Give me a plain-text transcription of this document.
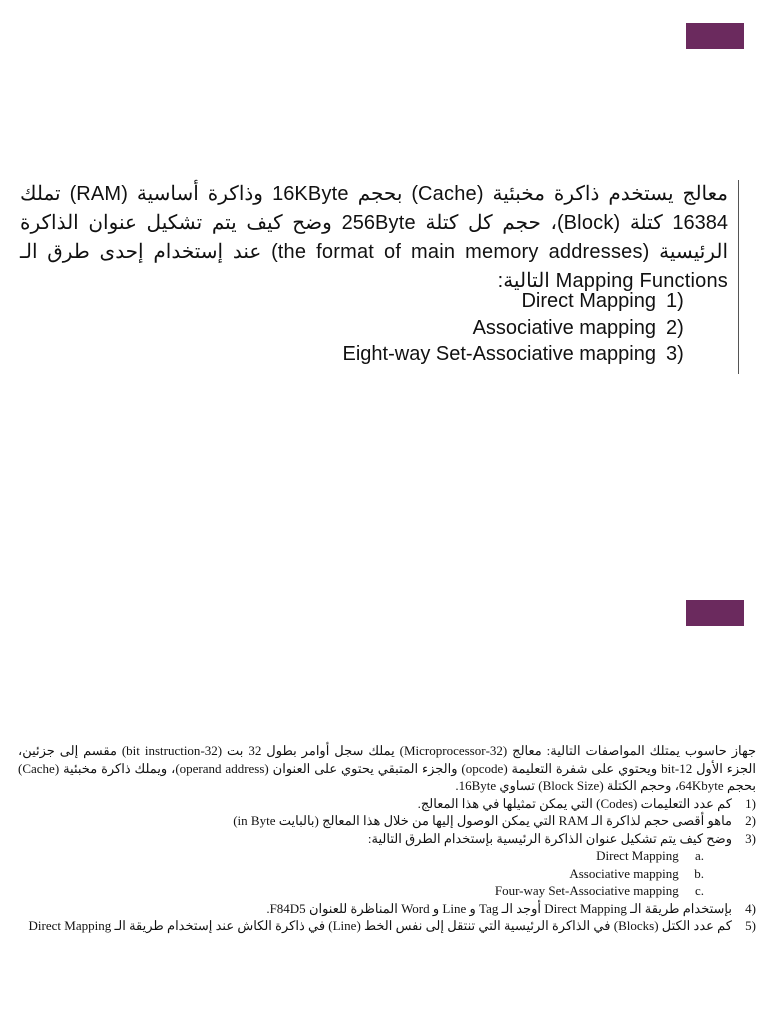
معالج يستخدم ذاكرة مخبئية (Cache) بحجم 16KByte وذاكرة أساسية (RAM) تملك 16384 كتلة (Block)، حجم كل كتلة 256Byte وضح كيف يتم تشكيل عنوان الذاكرة الرئيسية (the format of main memory addresses) عند إستخدام إحدى طرق الـ Mapping Functions التالية:
Direct Mapping 1)
Associative mapping 2)
Eight-way Set-Associative mapping 3)
جهاز حاسوب يمتلك المواصفات التالية: معالج (32-Microprocessor) يملك سجل أوامر بطول 32 بت (32-bit instruction) مقسم إلى جزئين، الجزء الأول 12-bit ويحتوي على شفرة التعليمة (opcode) والجزء المتبقي يحتوي على العنوان (operand address)، ويملك ذاكرة مخبئية (Cache) بحجم 64Kbyte، وحجم الكتلة (Block Size) تساوي 16Byte.
1)
كم عدد التعليمات (Codes) التي يمكن تمثيلها في هذا المعالج.
2)
ماهو أقصى حجم لذاكرة الـ RAM التي يمكن الوصول إليها من خلال هذا المعالج (بالبايت in Byte)
3)
وضح كيف يتم تشكيل عنوان الذاكرة الرئيسية بإستخدام الطرق التالية:
Direct Mapping a.
Associative mapping b.
Four-way Set-Associative mapping c.
4)
بإستخدام طريقة الـ Direct Mapping أوجد الـ Tag و Line و Word المناظرة للعنوان F84D5.
5)
كم عدد الكتل (Blocks) في الذاكرة الرئيسية التي تنتقل إلى نفس الخط (Line) في ذاكرة الكاش عند إستخدام طريقة الـ Direct Mapping
